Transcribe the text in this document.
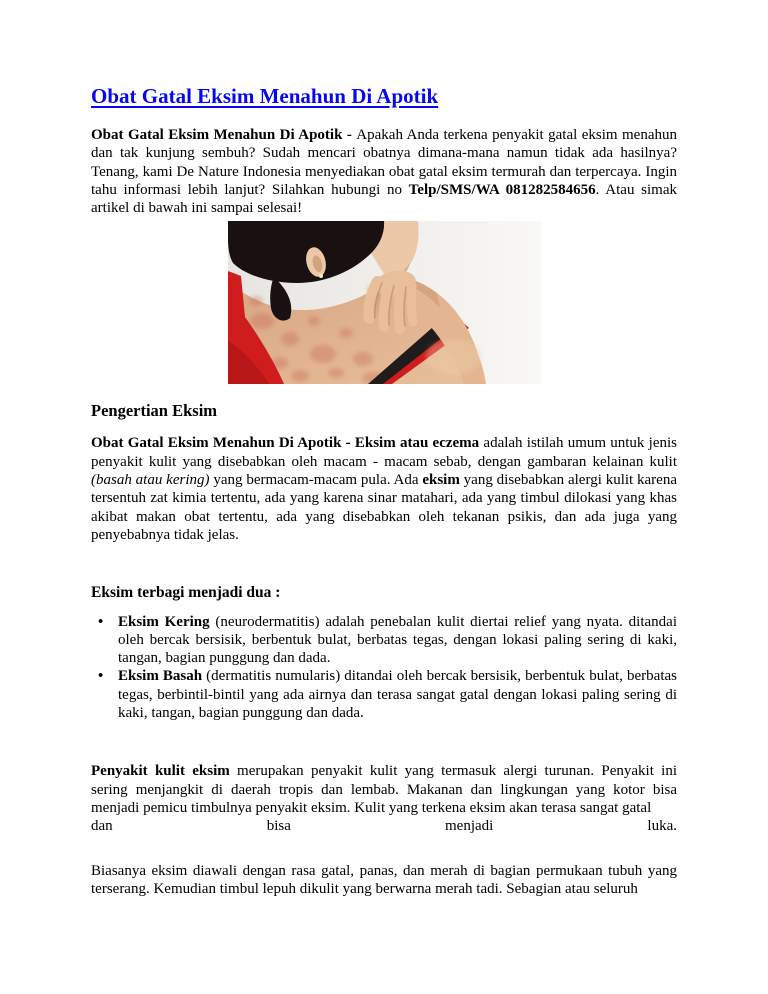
Obat Gatal Eksim Menahun Di Apotik

Obat Gatal Eksim Menahun Di Apotik - Apakah Anda terkena penyakit gatal eksim menahun dan tak kunjung sembuh? Sudah mencari obatnya dimana-mana namun tidak ada hasilnya? Tenang, kami De Nature Indonesia menyediakan obat gatal eksim termurah dan terpercaya. Ingin tahu informasi lebih lanjut? Silahkan hubungi no Telp/SMS/WA 081282584656. Atau simak artikel di bawah ini sampai selesai!

Pengertian Eksim

Obat Gatal Eksim Menahun Di Apotik - Eksim atau eczema adalah istilah umum untuk jenis penyakit kulit yang disebabkan oleh macam - macam sebab, dengan gambaran kelainan kulit (basah atau kering) yang bermacam-macam pula. Ada eksim yang disebabkan alergi kulit karena tersentuh zat kimia tertentu, ada yang karena sinar matahari, ada yang timbul dilokasi yang khas akibat makan obat tertentu, ada yang disebabkan oleh tekanan psikis, dan ada juga yang penyebabnya tidak jelas.

Eksim terbagi menjadi dua :
• Eksim Kering (neurodermatitis) adalah penebalan kulit diertai relief yang nyata. ditandai oleh bercak bersisik, berbentuk bulat, berbatas tegas, dengan lokasi paling sering di kaki, tangan, bagian punggung dan dada.
• Eksim Basah (dermatitis numularis) ditandai oleh bercak bersisik, berbentuk bulat, berbatas tegas, berbintil-bintil yang ada airnya dan terasa sangat gatal dengan lokasi paling sering di kaki, tangan, bagian punggung dan dada.

Penyakit kulit eksim merupakan penyakit kulit yang termasuk alergi turunan. Penyakit ini sering menjangkit di daerah tropis dan lembab. Makanan dan lingkungan yang kotor bisa menjadi pemicu timbulnya penyakit eksim. Kulit yang terkena eksim akan terasa sangat gatal

dan	bisa	menjadi	luka.

Biasanya eksim diawali dengan rasa gatal, panas, dan merah di bagian permukaan tubuh yang terserang. Kemudian timbul lepuh dikulit yang berwarna merah tadi. Sebagian atau seluruh
